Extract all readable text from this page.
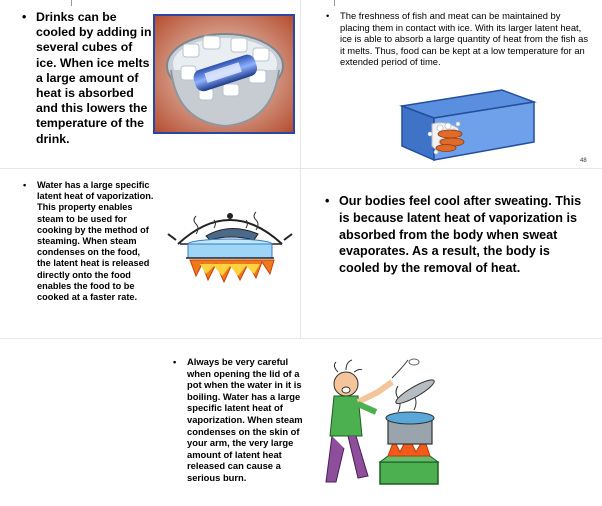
• Drinks can be cooled by adding in several cubes of ice. When ice melts a large amount of heat is absorbed and this lowers the temperature of the drink.
• The freshness of fish and meat can be maintained by placing them in contact with ice. With its larger latent heat, ice is able to absorb a large quantity of heat from the fish as it melts. Thus, food can be kept at a low temperature for an extended period of time.
48
• Water has a large specific latent heat of vaporization. This property enables steam to be used for cooking by the method of steaming. When steam condenses on the food, the latent heat is released directly onto the food enables the food to be cooked at a faster rate.
• Our bodies feel cool after sweating. This is because latent heat of vaporization is absorbed from the body when sweat evaporates. As a result, the body is cooled by the removal of heat.
• Always be very careful when opening the lid of a pot when the water in it is boiling. Water has a large specific latent heat of vaporization. When steam condenses on the skin of your arm, the very large amount of latent heat released can cause a serious burn.
